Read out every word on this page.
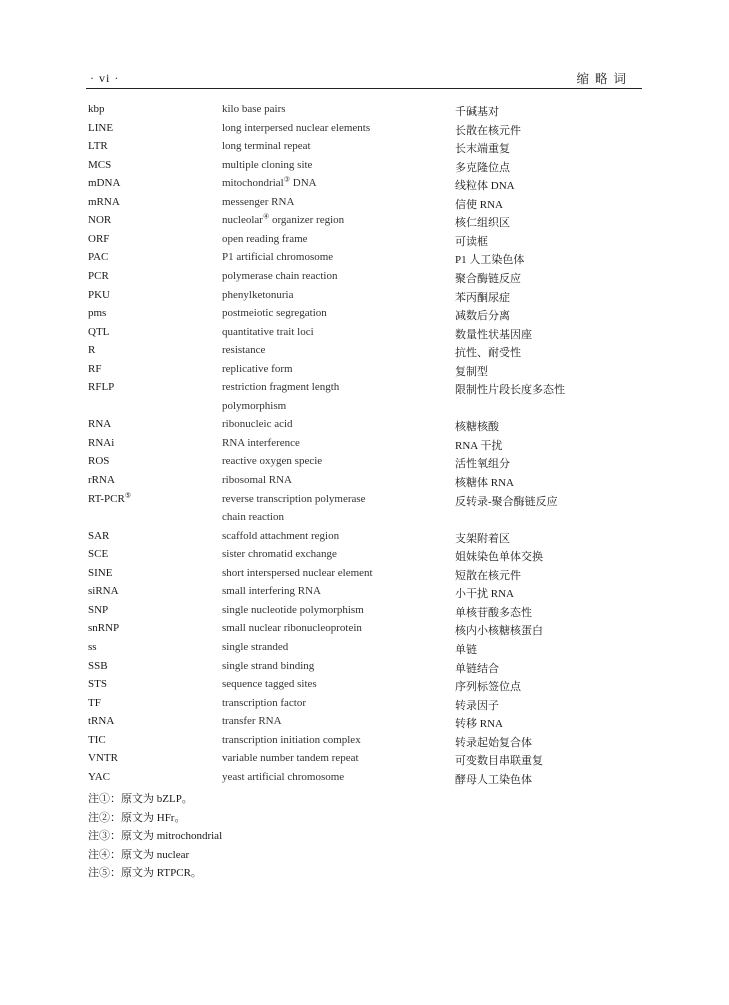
· vi ·	缩略词
kbp	kilo base pairs	千碱基对
LINE	long interpersed nuclear elements	长散在核元件
LTR	long terminal repeat	长末端重复
MCS	multiple cloning site	多克隆位点
mDNA	mitochondrial③ DNA	线粒体 DNA
mRNA	messenger RNA	信使 RNA
NOR	nucleolar④ organizer region	核仁组织区
ORF	open reading frame	可读框
PAC	P1 artificial chromosome	P1 人工染色体
PCR	polymerase chain reaction	聚合酶链反应
PKU	phenylketonuria	苯丙酮尿症
pms	postmeiotic segregation	减数后分离
QTL	quantitative trait loci	数量性状基因座
R	resistance	抗性、耐受性
RF	replicative form	复制型
RFLP	restriction fragment length	限制性片段长度多态性
polymorphism
RNA	ribonucleic acid	核糖核酸
RNAi	RNA interference	RNA 干扰
ROS	reactive oxygen specie	活性氧组分
rRNA	ribosomal RNA	核糖体 RNA
RT-PCR⑤	reverse transcription polymerase	反转录-聚合酶链反应
chain reaction
SAR	scaffold attachment region	支架附着区
SCE	sister chromatid exchange	姐妹染色单体交换
SINE	short interspersed nuclear element	短散在核元件
siRNA	small interfering RNA	小干扰 RNA
SNP	single nucleotide polymorphism	单核苷酸多态性
snRNP	small nuclear ribonucleoprotein	核内小核糖核蛋白
ss	single stranded	单链
SSB	single strand binding	单链结合
STS	sequence tagged sites	序列标签位点
TF	transcription factor	转录因子
tRNA	transfer RNA	转移 RNA
TIC	transcription initiation complex	转录起始复合体
VNTR	variable number tandem repeat	可变数目串联重复
YAC	yeast artificial chromosome	酵母人工染色体
注①：原文为 bZLP。
注②：原文为 HFr。
注③：原文为 mitrochondrial
注④：原文为 nuclear
注⑤：原文为 RTPCR。
